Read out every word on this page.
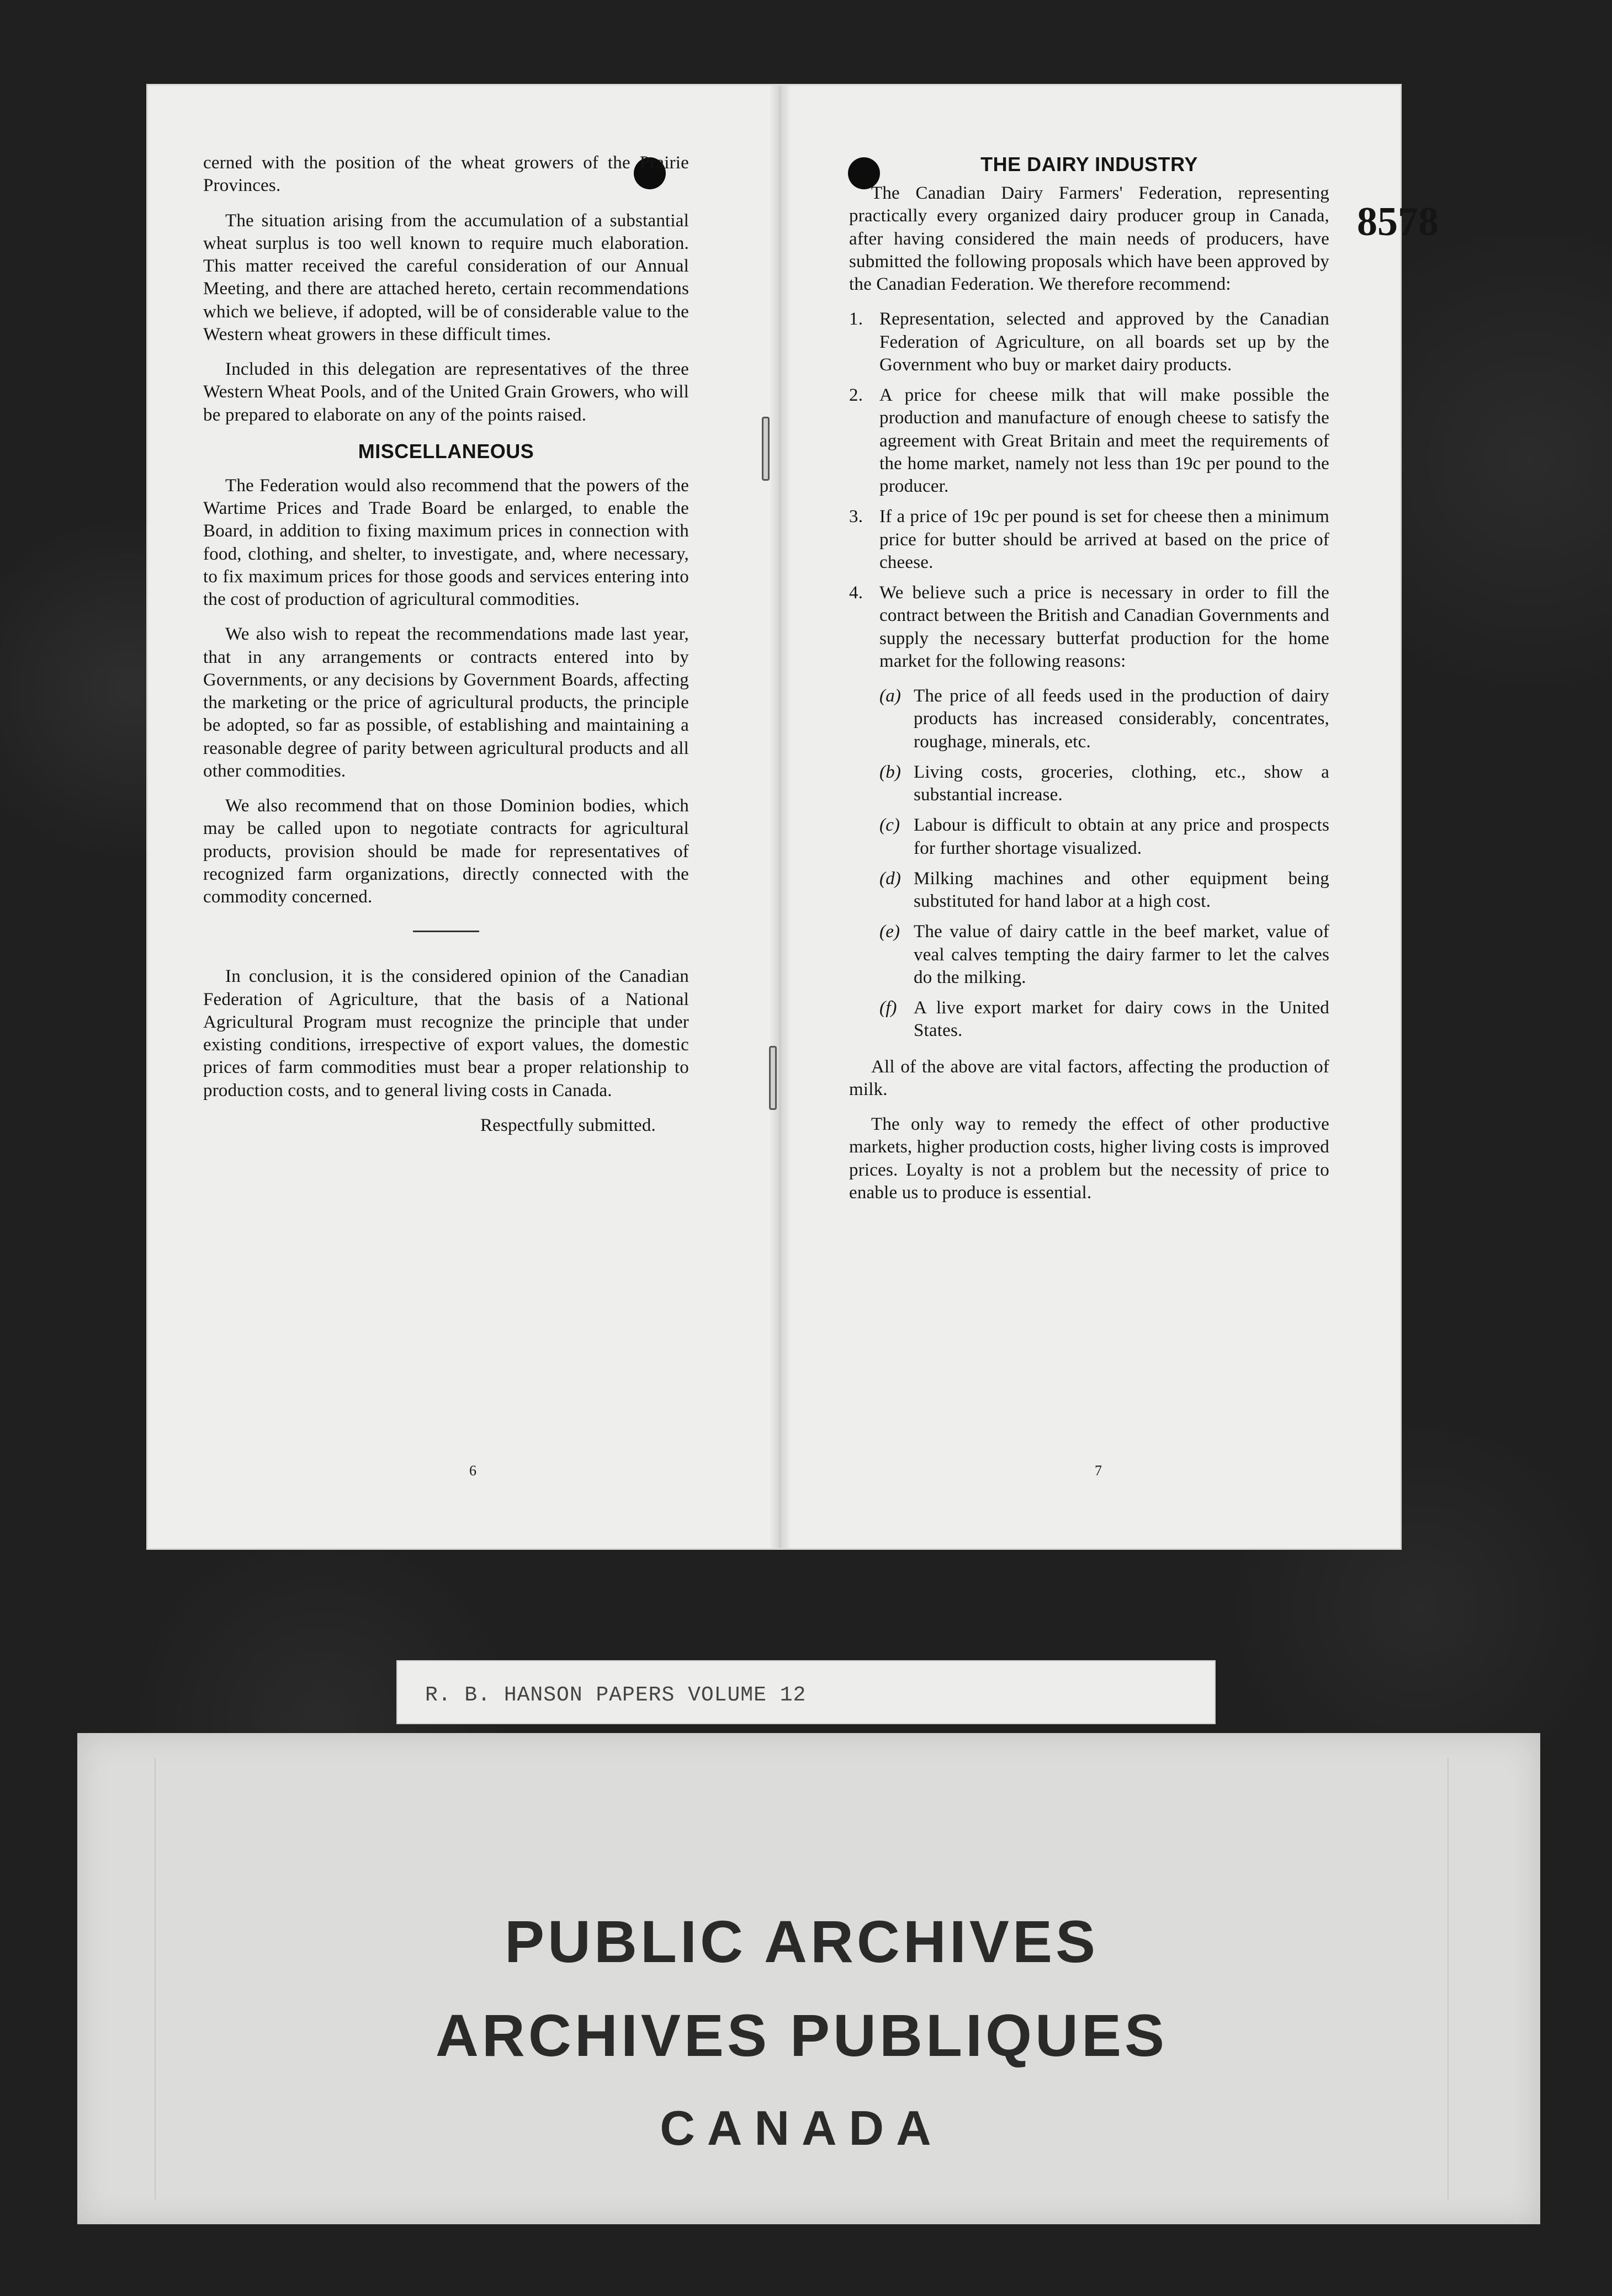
8578

cerned with the position of the wheat growers of the Prairie Provinces.

The situation arising from the accumulation of a substantial wheat surplus is too well known to require much elaboration. This matter received the careful consideration of our Annual Meeting, and there are attached hereto, certain recommendations which we believe, if adopted, will be of considerable value to the Western wheat growers in these difficult times.

Included in this delegation are representatives of the three Western Wheat Pools, and of the United Grain Growers, who will be prepared to elaborate on any of the points raised.

MISCELLANEOUS

The Federation would also recommend that the powers of the Wartime Prices and Trade Board be enlarged, to enable the Board, in addition to fixing maximum prices in connection with food, clothing, and shelter, to investigate, and, where necessary, to fix maximum prices for those goods and services entering into the cost of production of agricultural commodities.

We also wish to repeat the recommendations made last year, that in any arrangements or contracts entered into by Governments, or any decisions by Government Boards, affecting the marketing or the price of agricultural products, the principle be adopted, so far as possible, of establishing and maintaining a reasonable degree of parity between agricultural products and all other commodities.

We also recommend that on those Dominion bodies, which may be called upon to negotiate contracts for agricultural products, provision should be made for representatives of recognized farm organizations, directly connected with the commodity concerned.

In conclusion, it is the considered opinion of the Canadian Federation of Agriculture, that the basis of a National Agricultural Program must recognize the principle that under existing conditions, irrespective of export values, the domestic prices of farm commodities must bear a proper relationship to production costs, and to general living costs in Canada.

Respectfully submitted.
6
THE DAIRY INDUSTRY

The Canadian Dairy Farmers' Federation, representing practically every organized dairy producer group in Canada, after having considered the main needs of producers, have submitted the following proposals which have been approved by the Canadian Federation. We therefore recommend:

1. Representation, selected and approved by the Canadian Federation of Agriculture, on all boards set up by the Government who buy or market dairy products.
2. A price for cheese milk that will make possible the production and manufacture of enough cheese to satisfy the agreement with Great Britain and meet the requirements of the home market, namely not less than 19c per pound to the producer.
3. If a price of 19c per pound is set for cheese then a minimum price for butter should be arrived at based on the price of cheese.
4. We believe such a price is necessary in order to fill the contract between the British and Canadian Governments and supply the necessary butterfat production for the home market for the following reasons:
(a) The price of all feeds used in the production of dairy products has increased considerably, concentrates, roughage, minerals, etc.
(b) Living costs, groceries, clothing, etc., show a substantial increase.
(c) Labour is difficult to obtain at any price and prospects for further shortage visualized.
(d) Milking machines and other equipment being substituted for hand labor at a high cost.
(e) The value of dairy cattle in the beef market, value of veal calves tempting the dairy farmer to let the calves do the milking.
(f) A live export market for dairy cows in the United States.

All of the above are vital factors, affecting the production of milk.

The only way to remedy the effect of other productive markets, higher production costs, higher living costs is improved prices. Loyalty is not a problem but the necessity of price to enable us to produce is essential.

7
R. B. HANSON PAPERS VOLUME 12
PUBLIC ARCHIVES
ARCHIVES PUBLIQUES
CANADA
